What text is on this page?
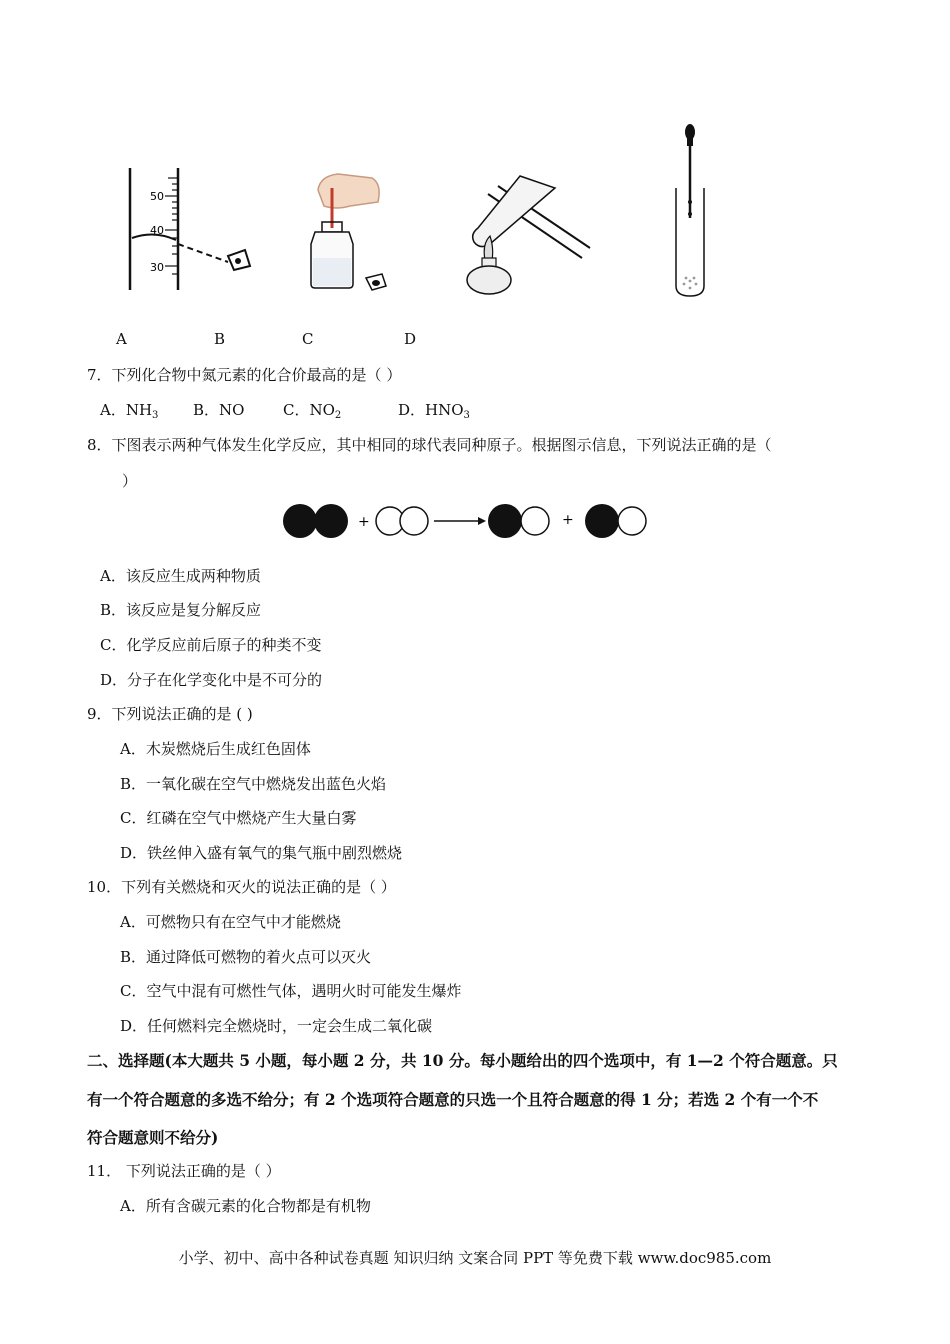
50
40
30
A	B	C	D
7．下列化合物中氮元素的化合价最高的是（ ）
A．$NH_3$ B．NO	C．$NO_2$	D．$HNO_3$
8．下图表示两种气体发生化学反应，其中相同的球代表同种原子。根据图示信息，下列说法正确的是（
）
+	+
A．该反应生成两种物质
B．该反应是复分解反应
C．化学反应前后原子的种类不变
D．分子在化学变化中是不可分的
9．下列说法正确的是 ( )
A．木炭燃烧后生成红色固体
B．一氧化碳在空气中燃烧发出蓝色火焰
C．红磷在空气中燃烧产生大量白雾
D．铁丝伸入盛有氧气的集气瓶中剧烈燃烧
10．下列有关燃烧和灭火的说法正确的是（ ）
A．可燃物只有在空气中才能燃烧
B．通过降低可燃物的着火点可以灭火
C．空气中混有可燃性气体，遇明火时可能发生爆炸
D．任何燃料完全燃烧时，一定会生成二氧化碳
二、选择题(本大题共 5 小题，每小题 2 分，共 10 分。每小题给出的四个选项中，有 1—2 个符合题意。只
有一个符合题意的多选不给分；有 2 个选项符合题意的只选一个且符合题意的得 1 分；若选 2 个有一个不
符合题意则不给分)
11． 下列说法正确的是（ ）
A．所有含碳元素的化合物都是有机物
小学、初中、高中各种试卷真题 知识归纳 文案合同 PPT 等免费下载 www.doc985.com
